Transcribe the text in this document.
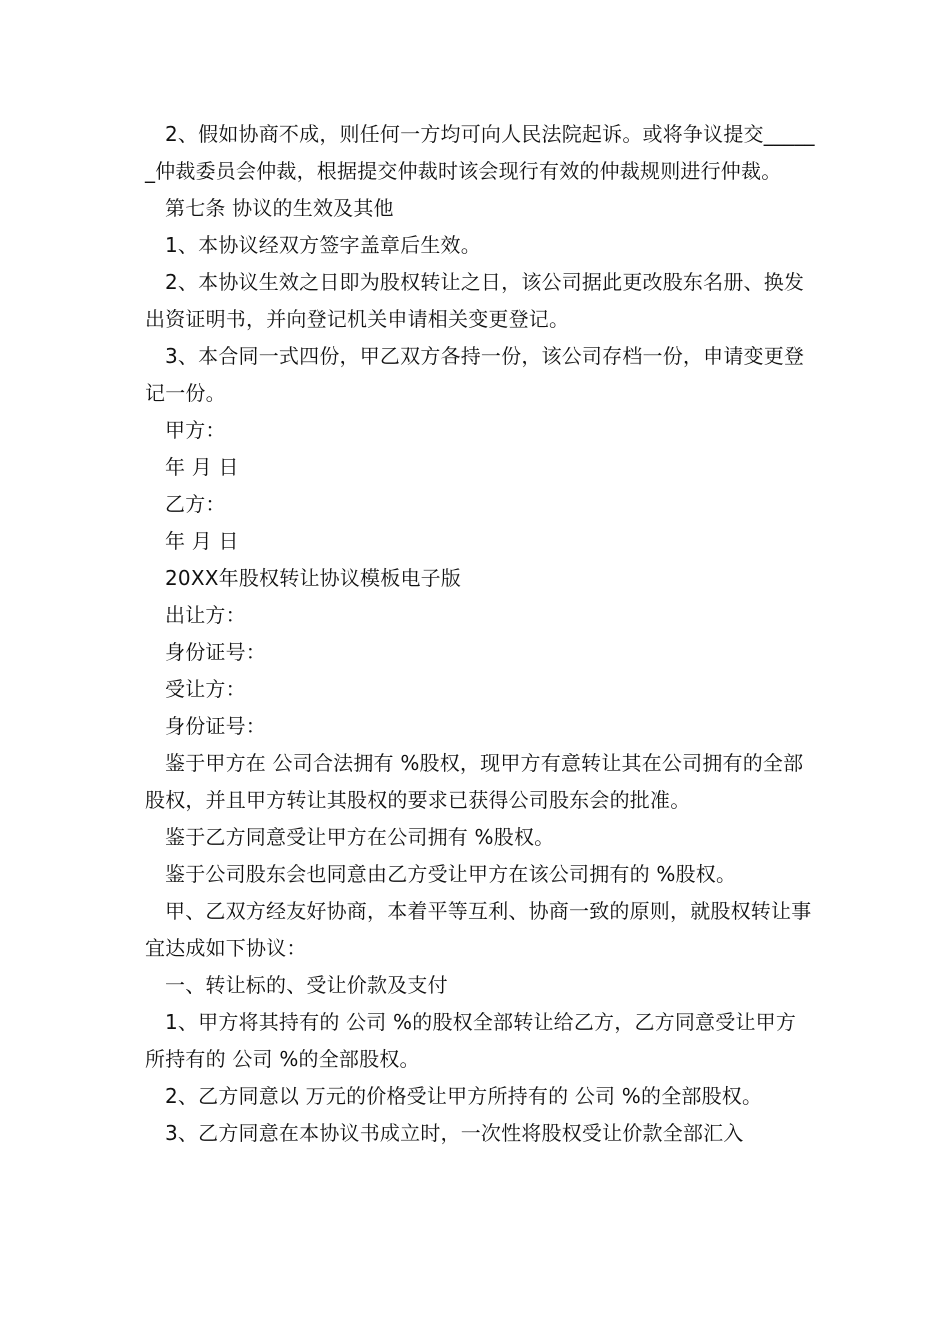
2、假如协商不成，则任何一方均可向人民法院起诉。或将争议提交______仲裁委员会仲裁，根据提交仲裁时该会现行有效的仲裁规则进行仲裁。

第七条 协议的生效及其他

1、本协议经双方签字盖章后生效。

2、本协议生效之日即为股权转让之日，该公司据此更改股东名册、换发出资证明书，并向登记机关申请相关变更登记。

3、本合同一式四份，甲乙双方各持一份，该公司存档一份，申请变更登记一份。

甲方：

年 月 日

乙方：

年 月 日

20XX年股权转让协议模板电子版

出让方：

身份证号：

受让方：

身份证号：

鉴于甲方在 公司合法拥有 %股权，现甲方有意转让其在公司拥有的全部股权，并且甲方转让其股权的要求已获得公司股东会的批准。

鉴于乙方同意受让甲方在公司拥有 %股权。

鉴于公司股东会也同意由乙方受让甲方在该公司拥有的 %股权。

甲、乙双方经友好协商，本着平等互利、协商一致的原则，就股权转让事宜达成如下协议：

一、转让标的、受让价款及支付

1、甲方将其持有的 公司 %的股权全部转让给乙方，乙方同意受让甲方所持有的 公司 %的全部股权。

2、乙方同意以 万元的价格受让甲方所持有的 公司 %的全部股权。

3、乙方同意在本协议书成立时，一次性将股权受让价款全部汇入
